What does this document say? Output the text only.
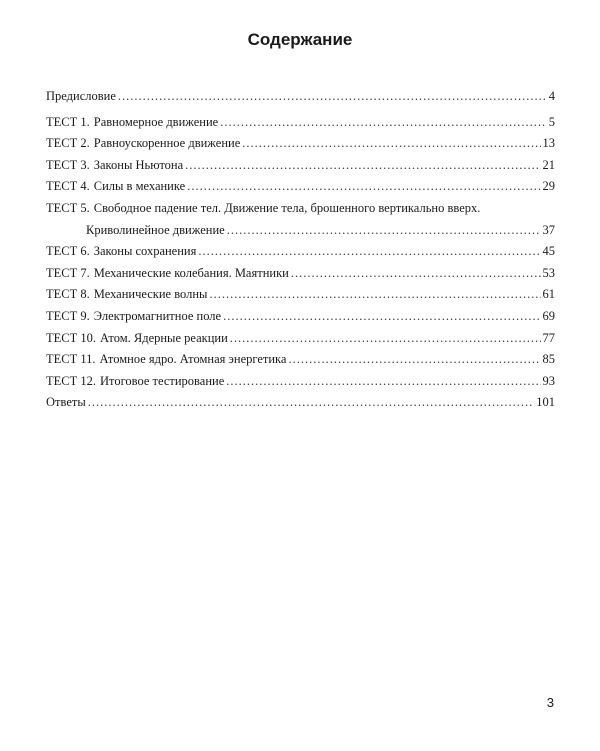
Содержание
Предисловие .....	4
ТЕСТ 1. Равномерное движение .....	5
ТЕСТ 2. Равноускоренное движение .....	13
ТЕСТ 3. Законы Ньютона .....	21
ТЕСТ 4. Силы в механике .....	29
ТЕСТ 5. Свободное падение тел. Движение тела, брошенного вертикально вверх.
Криволинейное движение .....	37
ТЕСТ 6. Законы сохранения .....	45
ТЕСТ 7. Механические колебания. Маятники .....	53
ТЕСТ 8. Механические волны .....	61
ТЕСТ 9. Электромагнитное поле .....	69
ТЕСТ 10. Атом. Ядерные реакции .....	77
ТЕСТ 11. Атомное ядро. Атомная энергетика .....	85
ТЕСТ 12. Итоговое тестирование .....	93
Ответы .....	101
3
